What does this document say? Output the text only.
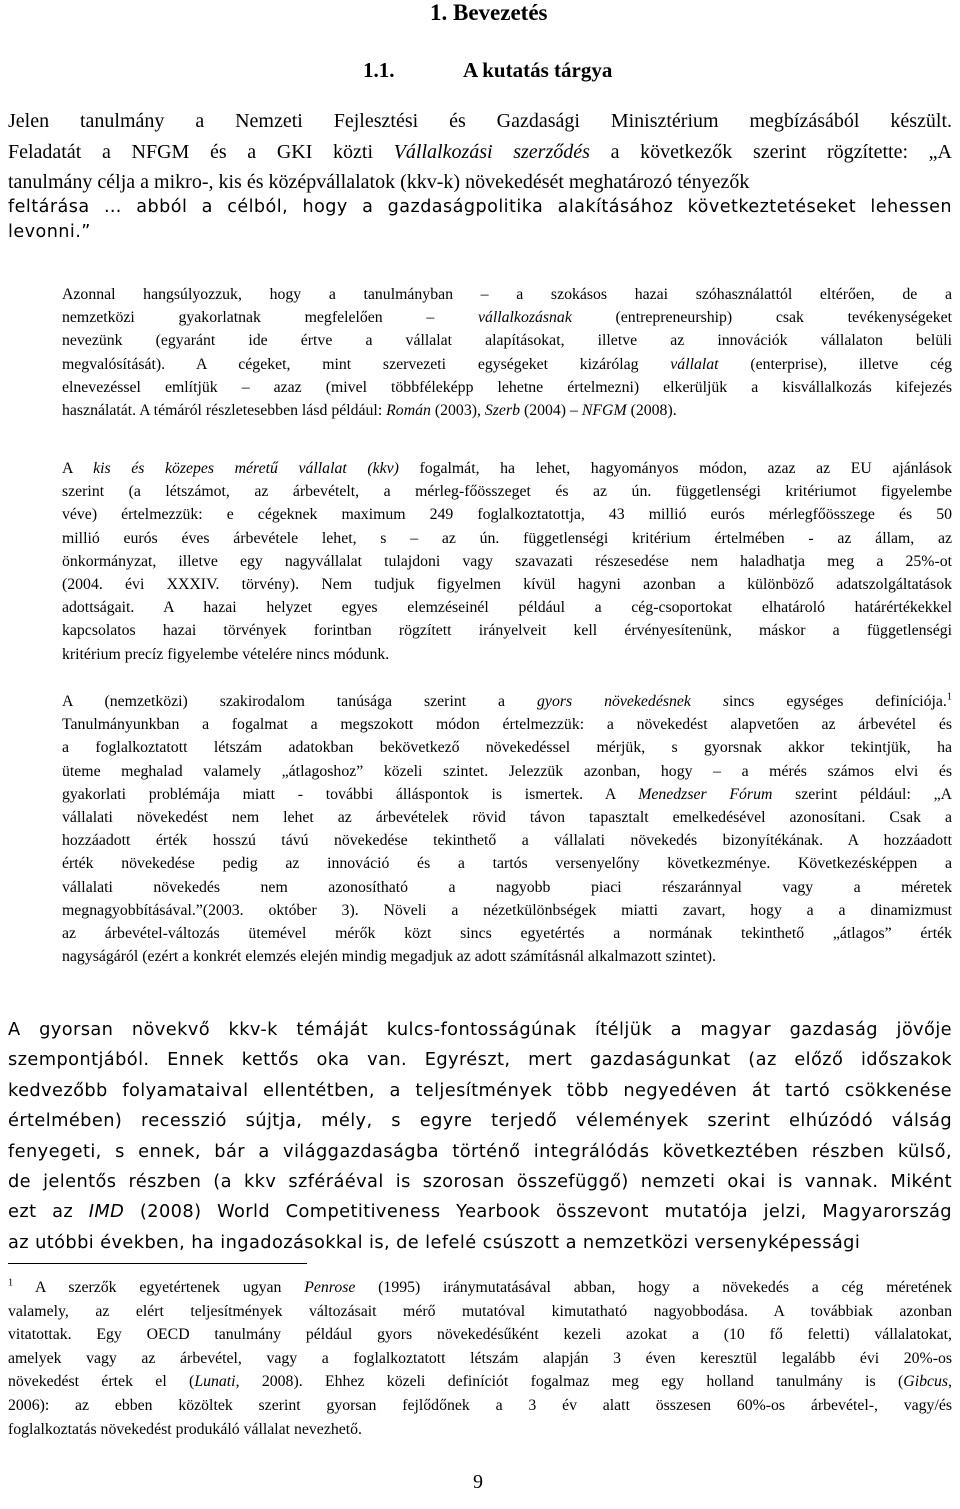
1. Bevezetés
1.1.	A kutatás tárgya
Jelen tanulmány a Nemzeti Fejlesztési és Gazdasági Minisztérium megbízásából készült.
Feladatát a NFGM és a GKI közti Vállalkozási szerződés a következők szerint rögzítette: „A
tanulmány célja a mikro-, kis és középvállalatok (kkv-k) növekedését meghatározó tényezők
feltárása … abból a célból, hogy a gazdaságpolitika alakításához következtetéseket lehessen
levonni.”
Azonnal hangsúlyozzuk, hogy a tanulmányban – a szokásos hazai szóhasználattól eltérően, de a
nemzetközi gyakorlatnak megfelelően – vállalkozásnak (entrepreneurship) csak tevékenységeket
nevezünk (egyaránt ide értve a vállalat alapításokat, illetve az innovációk vállalaton belüli
megvalósítását). A cégeket, mint szervezeti egységeket kizárólag vállalat (enterprise), illetve cég
elnevezéssel említjük – azaz (mivel többféleképp lehetne értelmezni) elkerüljük a kisvállalkozás kifejezés
használatát. A témáról részletesebben lásd például: Román (2003), Szerb (2004) – NFGM (2008).
A kis és közepes méretű vállalat (kkv) fogalmát, ha lehet, hagyományos módon, azaz az EU ajánlások
szerint (a létszámot, az árbevételt, a mérleg-főösszeget és az ún. függetlenségi kritériumot figyelembe
véve) értelmezzük: e cégeknek maximum 249 foglalkoztatottja, 43 millió eurós mérlegfőösszege és 50
millió eurós éves árbevétele lehet, s – az ún. függetlenségi kritérium értelmében - az állam, az
önkormányzat, illetve egy nagyvállalat tulajdoni vagy szavazati részesedése nem haladhatja meg a 25%-ot
(2004. évi XXXIV. törvény). Nem tudjuk figyelmen kívül hagyni azonban a különböző adatszolgáltatások
adottságait. A hazai helyzet egyes elemzéseinél például a cég-csoportokat elhatároló határértékekkel
kapcsolatos hazai törvények forintban rögzített irányelveit kell érvényesítenünk, máskor a függetlenségi
kritérium precíz figyelembe vételére nincs módunk.
A (nemzetközi) szakirodalom tanúsága szerint a gyors növekedésnek sincs egységes definíciója.$^1$
Tanulmányunkban a fogalmat a megszokott módon értelmezzük: a növekedést alapvetően az árbevétel és
a foglalkoztatott létszám adatokban bekövetkező növekedéssel mérjük, s gyorsnak akkor tekintjük, ha
üteme meghalad valamely „átlagoshoz” közeli szintet. Jelezzük azonban, hogy – a mérés számos elvi és
gyakorlati problémája miatt - további álláspontok is ismertek. A Menedzser Fórum szerint például: „A
vállalati növekedést nem lehet az árbevételek rövid távon tapasztalt emelkedésével azonosítani. Csak a
hozzáadott érték hosszú távú növekedése tekinthető a vállalati növekedés bizonyítékának. A hozzáadott
érték növekedése pedig az innováció és a tartós versenyelőny következménye. Következésképpen a
vállalati növekedés nem azonosítható a nagyobb piaci részaránnyal vagy a méretek
megnagyobbításával.”(2003. október 3). Növeli a nézetkülönbségek miatti zavart, hogy a a dinamizmust
az árbevétel-változás ütemével mérők közt sincs egyetértés a normának tekinthető „átlagos” érték
nagyságáról (ezért a konkrét elemzés elején mindig megadjuk az adott számításnál alkalmazott szintet).
A gyorsan növekvő kkv-k témáját kulcs-fontosságúnak ítéljük a magyar gazdaság jövője
szempontjából. Ennek kettős oka van. Egyrészt, mert gazdaságunkat (az előző időszakok
kedvezőbb folyamataival ellentétben, a teljesítmények több negyedéven át tartó csökkenése
értelmében) recesszió sújtja, mély, s egyre terjedő vélemények szerint elhúzódó válság
fenyegeti, s ennek, bár a világgazdaságba történő integrálódás következtében részben külső,
de jelentős részben (a kkv szféráéval is szorosan összefüggő) nemzeti okai is vannak. Miként
ezt az IMD (2008) World Competitiveness Yearbook összevont mutatója jelzi, Magyarország
az utóbbi években, ha ingadozásokkal is, de lefelé csúszott a nemzetközi versenyképessági
$^1$ A szerzők egyetértenek ugyan Penrose (1995) iránymutatásával abban, hogy a növekedés a cég méretének
valamely, az elért teljesítmények változásait mérő mutatóval kimutatható nagyobbodása. A továbbiak azonban
vitatottak. Egy OECD tanulmány például gyors növekedésűként kezeli azokat a (10 fő feletti) vállalatokat,
amelyek vagy az árbevétel, vagy a foglalkoztatott létszám alapján 3 éven keresztül legalább évi 20%-os
növekedést értek el (Lunati, 2008). Ehhez közeli definíciót fogalmaz meg egy holland tanulmány is (Gibcus,
2006): az ebben közöltek szerint gyorsan fejlődőnek a 3 év alatt összesen 60%-os árbevétel-, vagy/és
foglalkoztatás növekedést produkáló vállalat nevezhető.
9
